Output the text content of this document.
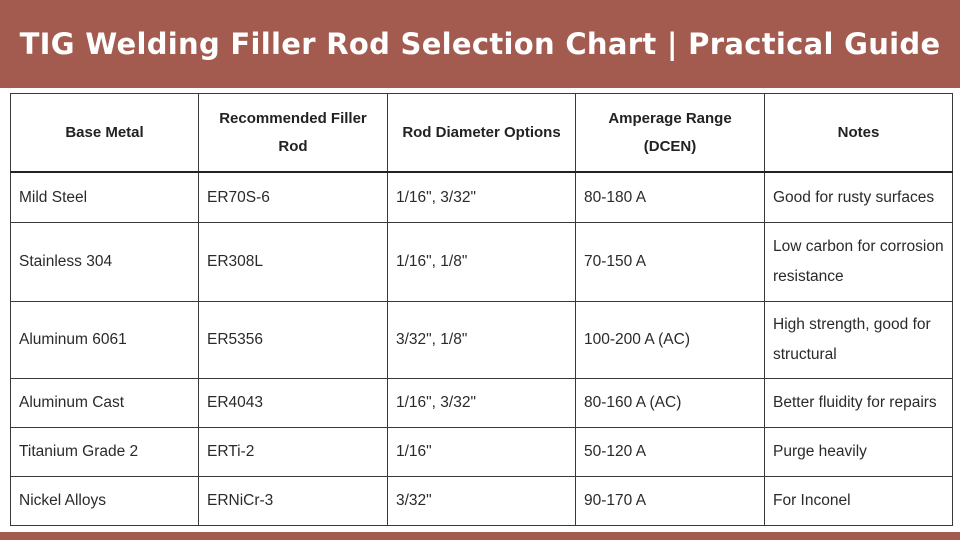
TIG Welding Filler Rod Selection Chart | Practical Guide
Base Metal	Recommended Filler Rod	Rod Diameter Options	Amperage Range (DCEN)	Notes
Mild Steel	ER70S-6	1/16", 3/32"	80-180 A	Good for rusty surfaces
Stainless 304	ER308L	1/16", 1/8"	70-150 A	Low carbon for corrosion resistance
Aluminum 6061	ER5356	3/32", 1/8"	100-200 A (AC)	High strength, good for structural
Aluminum Cast	ER4043	1/16", 3/32"	80-160 A (AC)	Better fluidity for repairs
Titanium Grade 2	ERTi-2	1/16"	50-120 A	Purge heavily
Nickel Alloys	ERNiCr-3	3/32"	90-170 A	For Inconel
